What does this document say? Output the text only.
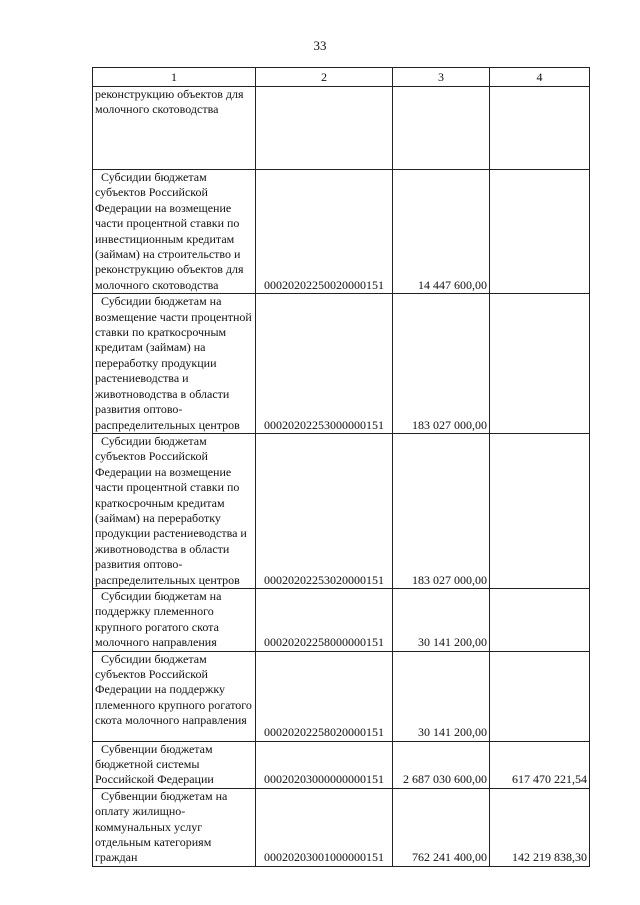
33
1	2	3	4
реконструкцию объектов для молочного скотоводства			
Субсидии бюджетам субъектов Российской Федерации на возмещение части процентной ставки по инвестиционным кредитам (займам) на строительство и реконструкцию объектов для молочного скотоводства	00020202250020000151	14 447 600,00	
Субсидии бюджетам на возмещение части процентной ставки по краткосрочным кредитам (займам) на переработку продукции растениеводства и животноводства в области развития оптово-распределительных центров	00020202253000000151	183 027 000,00	
Субсидии бюджетам субъектов Российской Федерации на возмещение части процентной ставки по краткосрочным кредитам (займам) на переработку продукции растениеводства и животноводства в области развития оптово-распределительных центров	00020202253020000151	183 027 000,00	
Субсидии бюджетам на поддержку племенного крупного рогатого скота молочного направления	00020202258000000151	30 141 200,00	
Субсидии бюджетам субъектов Российской Федерации на поддержку племенного крупного рогатого скота молочного направления	00020202258020000151	30 141 200,00	
Субвенции бюджетам бюджетной системы Российской Федерации	00020203000000000151	2 687 030 600,00	617 470 221,54
Субвенции бюджетам на оплату жилищно-коммунальных услуг отдельным категориям граждан	00020203001000000151	762 241 400,00	142 219 838,30
